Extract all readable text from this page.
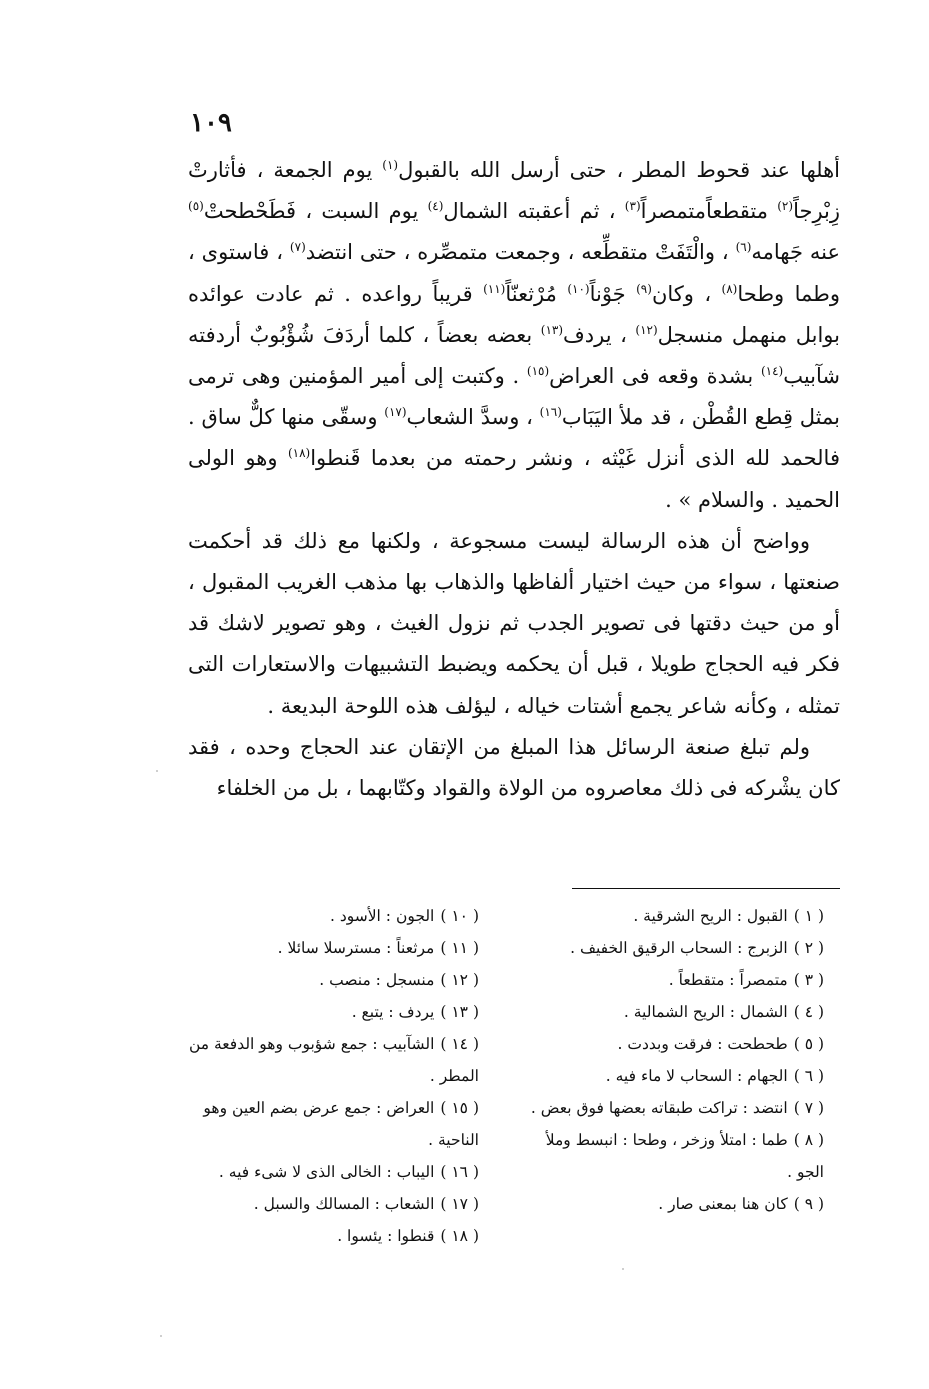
١٠٩

أهلها عند قحوط المطر ، حتى أرسل الله بالقبول$^{(١)}$ يوم الجمعة ، فأثارتْ زِبْرِجاً$^{(٢)}$ متقطعاًمتمصراً$^{(٣)}$ ، ثم أعقبته الشمال$^{(٤)}$ يوم السبت ، فَطَحْطحتْ$^{(٥)}$ عنه جَهامه$^{(٦)}$ ، والْتَفَتْ متقطِّعه ، وجمعت متمصِّره ، حتى انتضد$^{(٧)}$ ، فاستوى ، وطما وطحا$^{(٨)}$ ، وكان$^{(٩)}$ جَوْناً$^{(١٠)}$ مُرْثعنّاً$^{(١١)}$ قريباً رواعده . ثم عادت عوائده بوابل منهمل منسجل$^{(١٢)}$ ، يردف$^{(١٣)}$ بعضه بعضاً ، كلما أردَفَ شُؤْبُوبٌ أردفته شآبيب$^{(١٤)}$ بشدة وقعه فى العراض$^{(١٥)}$ . وكتبت إلى أمير المؤمنين وهى ترمى بمثل قِطع القُطْن ، قد ملأ اليَبَاب$^{(١٦)}$ ، وسدَّ الشعاب$^{(١٧)}$ وسقّى منها كلٌّ ساق . فالحمد لله الذى أنزل غَيْثه ، ونشر رحمته من بعدما قَنطوا$^{(١٨)}$ وهو الولى الحميد . والسلام » .

وواضح أن هذه الرسالة ليست مسجوعة ، ولكنها مع ذلك قد أحكمت صنعتها ، سواء من حيث اختيار ألفاظها والذهاب بها مذهب الغريب المقبول ، أو من حيث دقتها فى تصوير الجدب ثم نزول الغيث ، وهو تصوير لاشك قد فكر فيه الحجاج طويلا ، قبل أن يحكمه ويضبط التشبيهات والاستعارات التى تمثله ، وكأنه شاعر يجمع أشتات خياله ، ليؤلف هذه اللوحة البديعة .

ولم تبلغ صنعة الرسائل هذا المبلغ من الإتقان عند الحجاج وحده ، فقد كان يشْركه فى ذلك معاصروه من الولاة والقواد وكتّابهما ، بل من الخلفاء

( ١ )القبول : الريح الشرقية .
( ٢ )الزبرج : السحاب الرقيق الخفيف .
( ٣ )متمصراً : متقطعاً .
( ٤ )الشمال : الريح الشمالية .
( ٥ )طحطحت : فرقت وبددت .
( ٦ )الجهام : السحاب لا ماء فيه .
( ٧ )انتضد : تراكت طبقاته بعضها فوق بعض .
( ٨ )طما : امتلأ وزخر ، وطحا : انبسط وملأ الجو .
( ٩ )كان هنا بمعنى صار .
( ١٠ )الجون : الأسود .
( ١١ )مرثعناً : مسترسلا سائلا .
( ١٢ )منسجل : منصب .
( ١٣ )يردف : يتبع .
( ١٤ )الشآبيب : جمع شؤبوب وهو الدفعة من المطر .
( ١٥ )العراض : جمع عرض بضم العين وهو الناحية .
( ١٦ )اليباب : الخالى الذى لا شىء فيه .
( ١٧ )الشعاب : المسالك والسبل .
( ١٨ )قنطوا : يئسوا .
